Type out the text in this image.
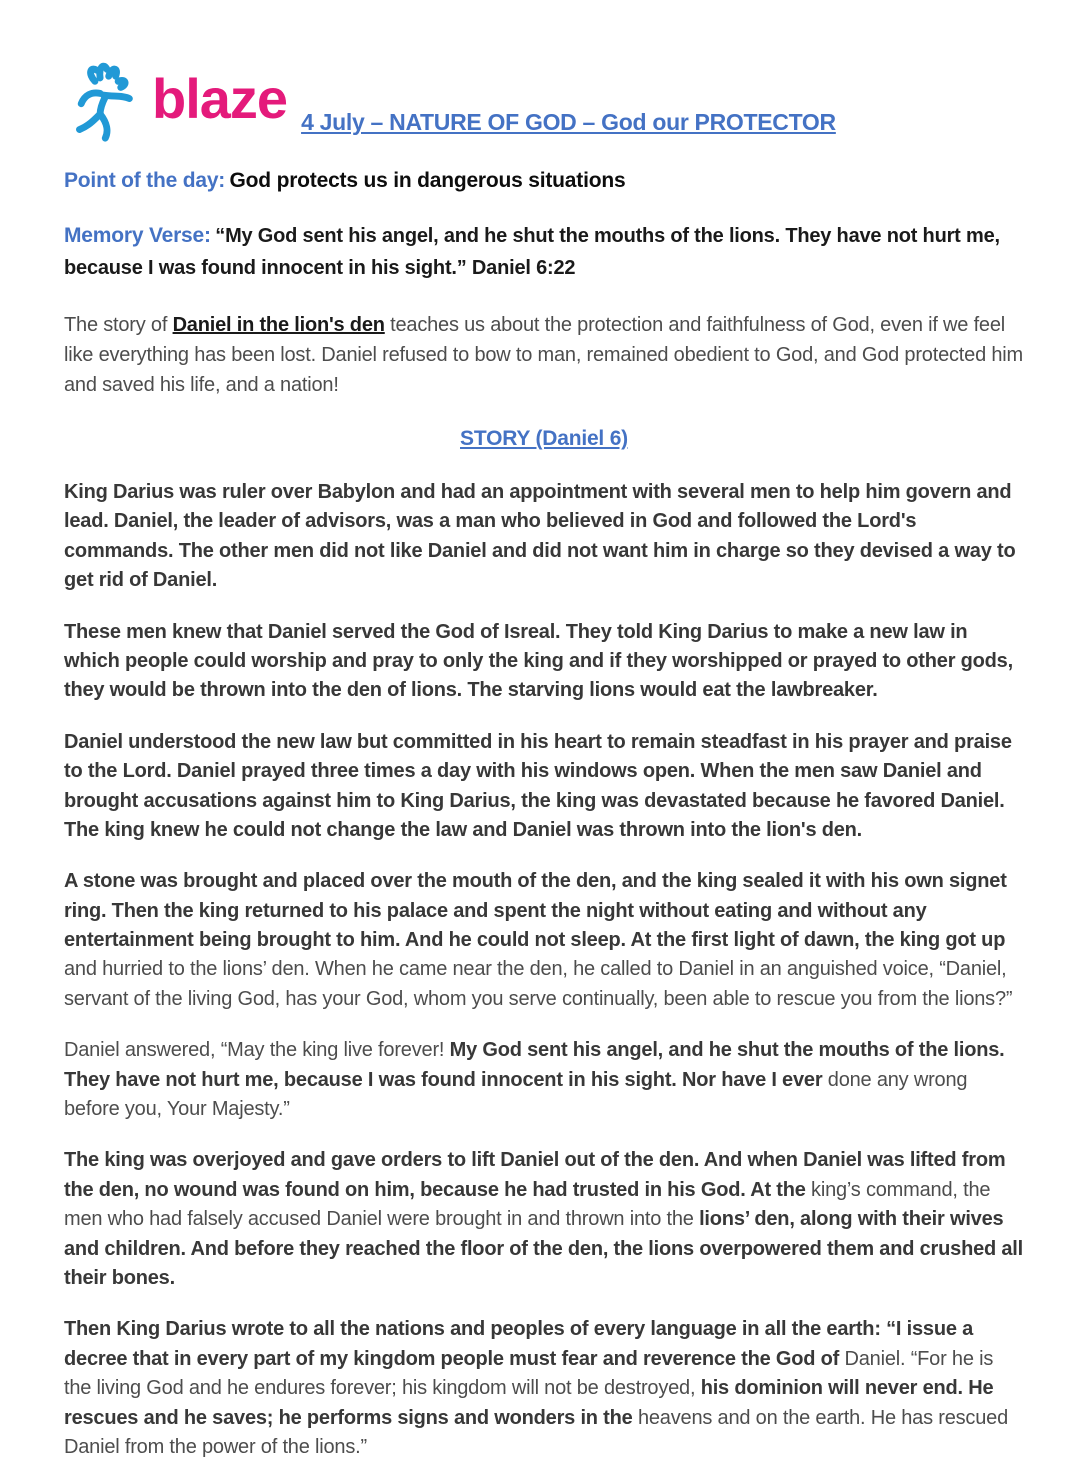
blaze 4 July – NATURE OF GOD – God our PROTECTOR

Point of the day: God protects us in dangerous situations

Memory Verse: “My God sent his angel, and he shut the mouths of the lions. They have not hurt me, because I was found innocent in his sight.” Daniel 6:22

The story of Daniel in the lion's den teaches us about the protection and faithfulness of God, even if we feel like everything has been lost. Daniel refused to bow to man, remained obedient to God, and God protected him and saved his life, and a nation!

STORY (Daniel 6)

King Darius was ruler over Babylon and had an appointment with several men to help him govern and lead. Daniel, the leader of advisors, was a man who believed in God and followed the Lord's commands. The other men did not like Daniel and did not want him in charge so they devised a way to get rid of Daniel.

These men knew that Daniel served the God of Isreal. They told King Darius to make a new law in which people could worship and pray to only the king and if they worshipped or prayed to other gods, they would be thrown into the den of lions. The starving lions would eat the lawbreaker.

Daniel understood the new law but committed in his heart to remain steadfast in his prayer and praise to the Lord. Daniel prayed three times a day with his windows open. When the men saw Daniel and brought accusations against him to King Darius, the king was devastated because he favored Daniel. The king knew he could not change the law and Daniel was thrown into the lion's den.

A stone was brought and placed over the mouth of the den, and the king sealed it with his own signet ring. Then the king returned to his palace and spent the night without eating and without any entertainment being brought to him. And he could not sleep. At the first light of dawn, the king got up and hurried to the lions’ den. When he came near the den, he called to Daniel in an anguished voice, “Daniel, servant of the living God, has your God, whom you serve continually, been able to rescue you from the lions?”

Daniel answered, “May the king live forever! My God sent his angel, and he shut the mouths of the lions. They have not hurt me, because I was found innocent in his sight. Nor have I ever done any wrong before you, Your Majesty.”

The king was overjoyed and gave orders to lift Daniel out of the den. And when Daniel was lifted from the den, no wound was found on him, because he had trusted in his God. At the king’s command, the men who had falsely accused Daniel were brought in and thrown into the lions’ den, along with their wives and children. And before they reached the floor of the den, the lions overpowered them and crushed all their bones.

Then King Darius wrote to all the nations and peoples of every language in all the earth: “I issue a decree that in every part of my kingdom people must fear and reverence the God of Daniel. “For he is the living God and he endures forever; his kingdom will not be destroyed, his dominion will never end. He rescues and he saves; he performs signs and wonders in the heavens and on the earth. He has rescued Daniel from the power of the lions.”
